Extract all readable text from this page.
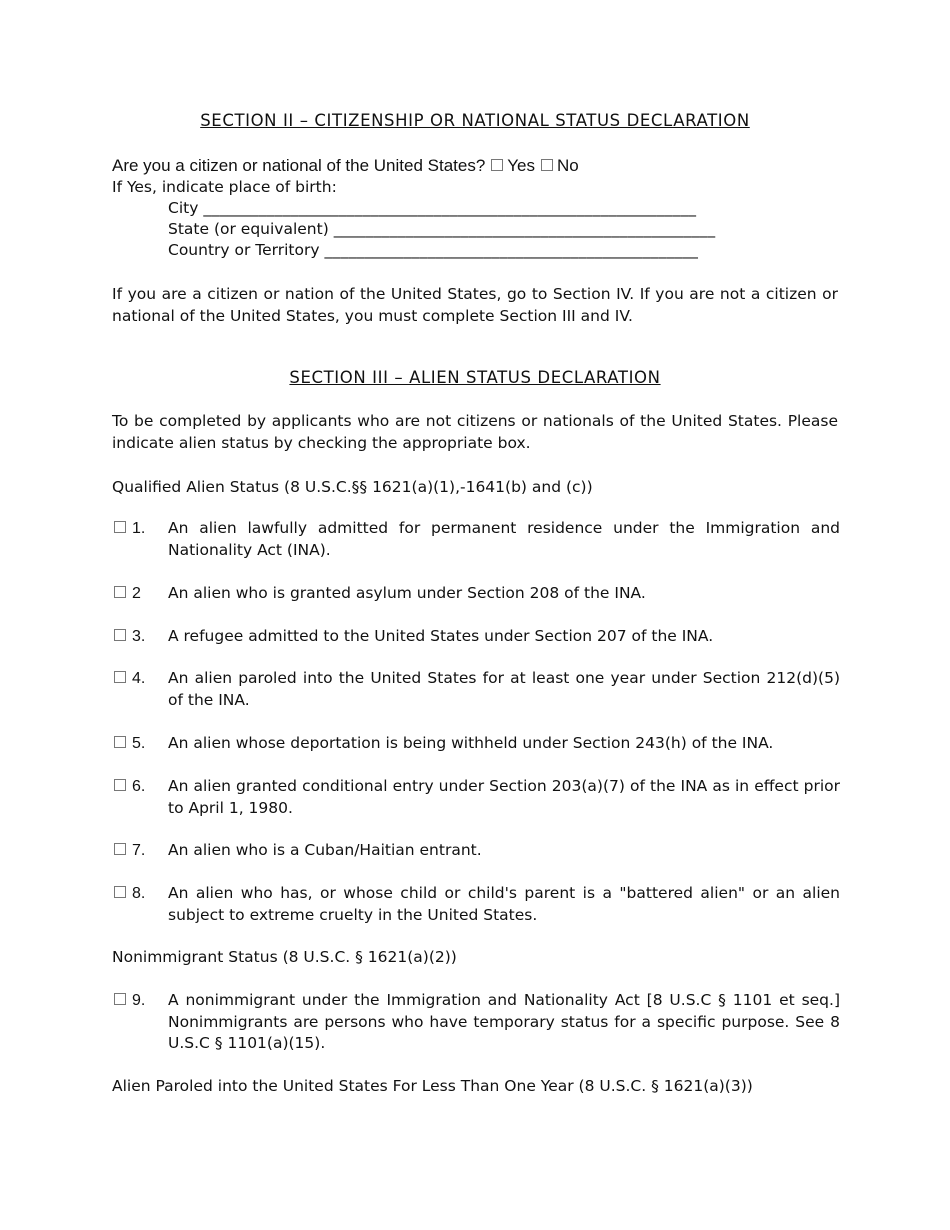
SECTION II – CITIZENSHIP OR NATIONAL STATUS DECLARATION
Are you a citizen or national of the United States? Yes No
If Yes, indicate place of birth:
City ______________________________________________________________
State (or equivalent) ________________________________________________
Country or Territory _______________________________________________
If you are a citizen or nation of the United States, go to Section IV. If you are not a citizen or national of the United States, you must complete Section III and IV.
SECTION III – ALIEN STATUS DECLARATION
To be completed by applicants who are not citizens or nationals of the United States. Please indicate alien status by checking the appropriate box.
Qualified Alien Status (8 U.S.C.§§ 1621(a)(1),-1641(b) and (c))
1.	An alien lawfully admitted for permanent residence under the Immigration and Nationality Act (INA).
2	An alien who is granted asylum under Section 208 of the INA.
3.	A refugee admitted to the United States under Section 207 of the INA.
4.	An alien paroled into the United States for at least one year under Section 212(d)(5) of the INA.
5.	An alien whose deportation is being withheld under Section 243(h) of the INA.
6.	An alien granted conditional entry under Section 203(a)(7) of the INA as in effect prior to April 1, 1980.
7.	An alien who is a Cuban/Haitian entrant.
8.	An alien who has, or whose child or child's parent is a "battered alien" or an alien subject to extreme cruelty in the United States.
Nonimmigrant Status (8 U.S.C. § 1621(a)(2))
9.	A nonimmigrant under the Immigration and Nationality Act [8 U.S.C § 1101 et seq.] Nonimmigrants are persons who have temporary status for a specific purpose. See 8 U.S.C § 1101(a)(15).
Alien Paroled into the United States For Less Than One Year (8 U.S.C. § 1621(a)(3))
